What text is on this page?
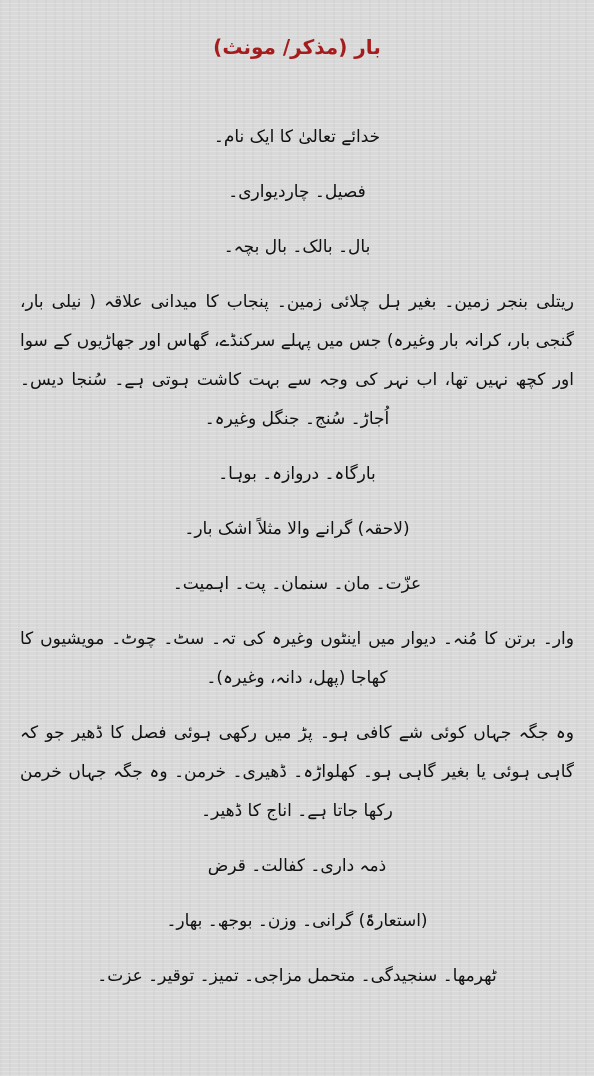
بار (مذکر/ مونث)

خدائے تعالیٰ کا ایک نام۔

فصیل۔ چاردیواری۔

بال۔ بالک۔ بال بچہ۔

ریتلی بنجر زمین۔ بغیر ہل چلائی زمین۔ پنجاب کا میدانی علاقہ ( نیلی بار، گنجی بار، کرانہ بار وغیرہ) جس میں پہلے سرکنڈے، گھاس اور جھاڑیوں کے سوا اور کچھ نہیں تھا، اب نہر کی وجہ سے بہت کاشت ہوتی ہے۔ سُنجا دیس۔ اُجاڑ۔ سُنج۔ جنگل وغیرہ۔

بارگاہ۔ دروازہ۔ بوہا۔

(لاحقہ) گرانے والا مثلاً اشک بار۔

عزّت۔ مان۔ سنمان۔ پت۔ اہمیت۔

وار۔ برتن کا مُنہ۔ دیوار میں اینٹوں وغیرہ کی تہ۔ سٹ۔ چوٹ۔ مویشیوں کا کھاجا (پھل، دانہ، وغیرہ)۔

وہ جگہ جہاں کوئی شے کافی ہو۔ پڑ میں رکھی ہوئی فصل کا ڈھیر جو کہ گاہی ہوئی یا بغیر گاہی ہو۔ کھلواڑہ۔ ڈھیری۔ خرمن۔ وہ جگہ جہاں خرمن رکھا جاتا ہے۔ اناج کا ڈھیر۔

ذمہ داری۔ کفالت۔ قرض

(استعارۃً) گرانی۔ وزن۔ بوجھ۔ بھار۔

ٹھرمھا۔ سنجیدگی۔ متحمل مزاجی۔ تمیز۔ توقیر۔ عزت۔
